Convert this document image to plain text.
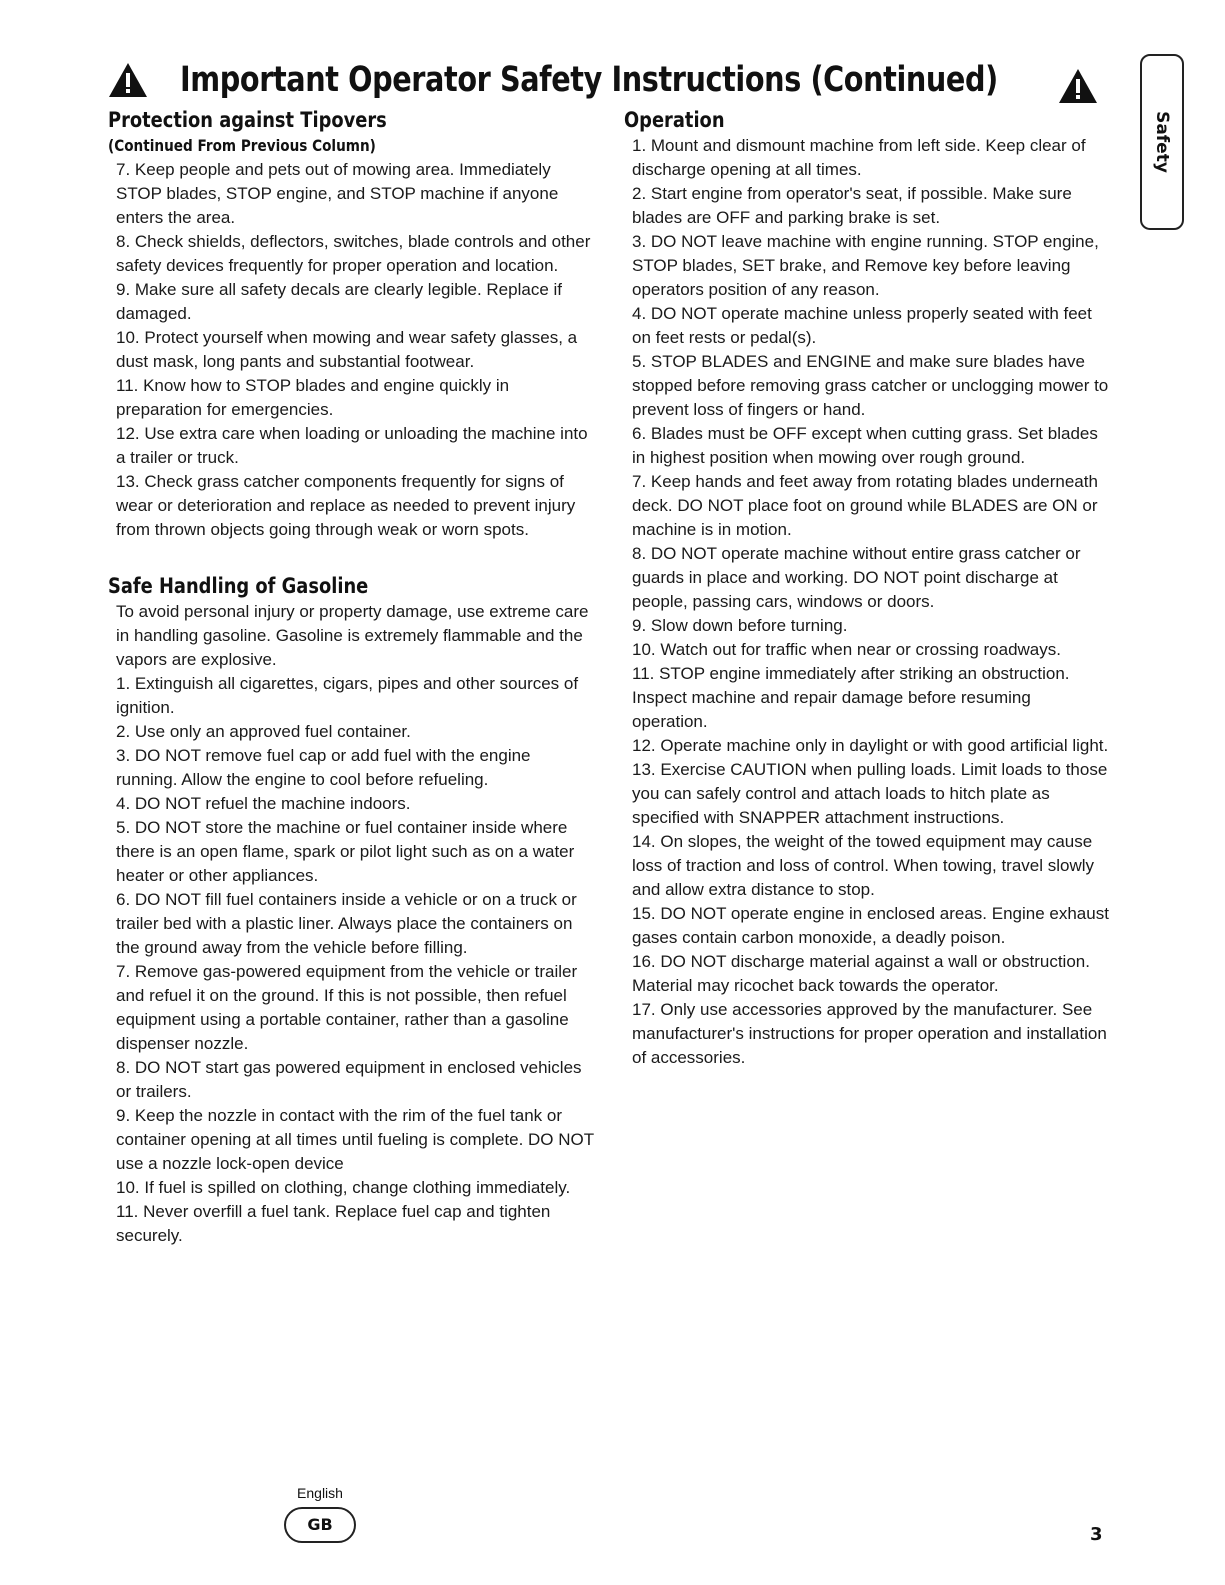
Important Operator Safety Instructions (Continued)
Safety
Protection against Tipovers
(Continued From Previous Column)

7. Keep people and pets out of mowing area. Immediately STOP blades, STOP engine, and STOP machine if anyone enters the area.

8. Check shields, deflectors, switches, blade controls and other safety devices frequently for proper operation and location.

9. Make sure all safety decals are clearly legible. Replace if damaged.

10. Protect yourself when mowing and wear safety glasses, a dust mask, long pants and substantial footwear.

11. Know how to STOP blades and engine quickly in preparation for emergencies.

12. Use extra care when loading or unloading the machine into a trailer or truck.

13. Check grass catcher components frequently for signs of wear or deterioration and replace as needed to prevent injury from thrown objects going through weak or worn spots.

Safe Handling of Gasoline

To avoid personal injury or property damage, use extreme care in handling gasoline. Gasoline is extremely flammable and the vapors are explosive.

1. Extinguish all cigarettes, cigars, pipes and other sources of ignition.

2. Use only an approved fuel container.

3. DO NOT remove fuel cap or add fuel with the engine running. Allow the engine to cool before refueling.

4. DO NOT refuel the machine indoors.

5. DO NOT store the machine or fuel container inside where there is an open flame, spark or pilot light such as on a water heater or other appliances.

6. DO NOT fill fuel containers inside a vehicle or on a truck or trailer bed with a plastic liner. Always place the containers on the ground away from the vehicle before filling.

7. Remove gas-powered equipment from the vehicle or trailer and refuel it on the ground. If this is not possible, then refuel equipment using a portable container, rather than a gasoline dispenser nozzle.

8. DO NOT start gas powered equipment in enclosed vehicles or trailers.

9. Keep the nozzle in contact with the rim of the fuel tank or container opening at all times until fueling is complete. DO NOT use a nozzle lock-open device

10. If fuel is spilled on clothing, change clothing immediately.

11. Never overfill a fuel tank. Replace fuel cap and tighten securely.

Operation

1. Mount and dismount machine from left side. Keep clear of discharge opening at all times.

2. Start engine from operator's seat, if possible. Make sure blades are OFF and parking brake is set.

3. DO NOT leave machine with engine running. STOP engine, STOP blades, SET brake, and Remove key before leaving operators position of any reason.

4. DO NOT operate machine unless properly seated with feet on feet rests or pedal(s).

5. STOP BLADES and ENGINE and make sure blades have stopped before removing grass catcher or unclogging mower to prevent loss of fingers or hand.

6. Blades must be OFF except when cutting grass. Set blades in highest position when mowing over rough ground.

7. Keep hands and feet away from rotating blades underneath deck. DO NOT place foot on ground while BLADES are ON or machine is in motion.

8. DO NOT operate machine without entire grass catcher or guards in place and working. DO NOT point discharge at people, passing cars, windows or doors.

9. Slow down before turning.

10. Watch out for traffic when near or crossing roadways.

11. STOP engine immediately after striking an obstruction. Inspect machine and repair damage before resuming operation.

12. Operate machine only in daylight or with good artificial light.

13. Exercise CAUTION when pulling loads. Limit loads to those you can safely control and attach loads to hitch plate as specified with SNAPPER attachment instructions.

14. On slopes, the weight of the towed equipment may cause loss of traction and loss of control. When towing, travel slowly and allow extra distance to stop.

15. DO NOT operate engine in enclosed areas. Engine exhaust gases contain carbon monoxide, a deadly poison.

16. DO NOT discharge material against a wall or obstruction. Material may ricochet back towards the operator.

17. Only use accessories approved by the manufacturer. See manufacturer's instructions for proper operation and installation of accessories.

English
GB	3
